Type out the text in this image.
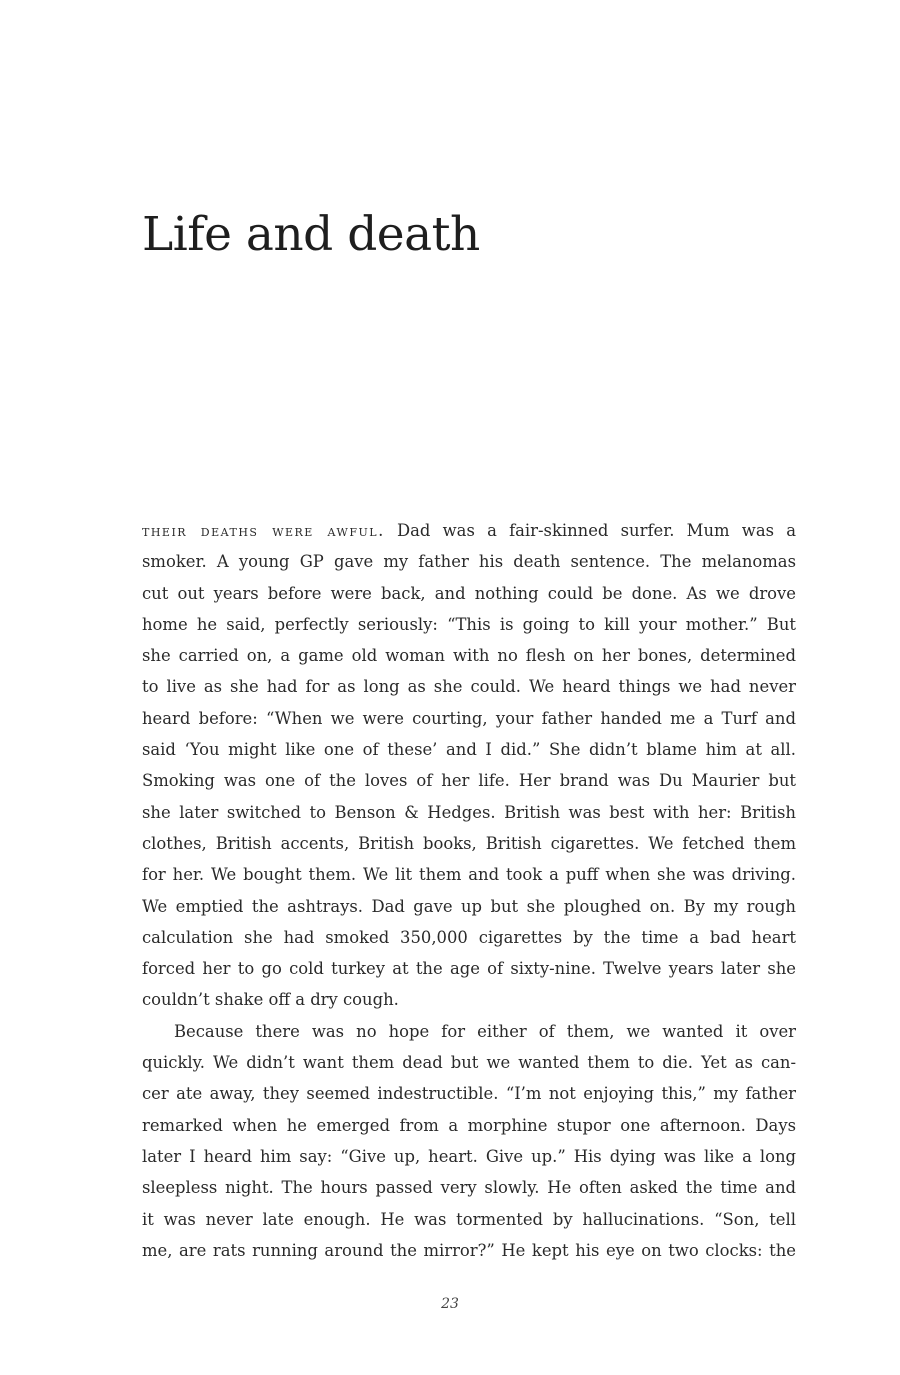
Life and death
their deaths were awful. Dad was a fair-skinned surfer. Mum was a
smoker. A young GP gave my father his death sentence. The melanomas
cut out years before were back, and nothing could be done. As we drove
home he said, perfectly seriously: “This is going to kill your mother.” But
she carried on, a game old woman with no flesh on her bones, determined
to live as she had for as long as she could. We heard things we had never
heard before: “When we were courting, your father handed me a Turf and
said ‘You might like one of these’ and I did.” She didn’t blame him at all.
Smoking was one of the loves of her life. Her brand was Du Maurier but
she later switched to Benson & Hedges. British was best with her: British
clothes, British accents, British books, British cigarettes. We fetched them
for her. We bought them. We lit them and took a puff when she was driving.
We emptied the ashtrays. Dad gave up but she ploughed on. By my rough
calculation she had smoked 350,000 cigarettes by the time a bad heart
forced her to go cold turkey at the age of sixty-nine. Twelve years later she
couldn’t shake off a dry cough.
Because there was no hope for either of them, we wanted it over
quickly. We didn’t want them dead but we wanted them to die. Yet as can-
cer ate away, they seemed indestructible. “I’m not enjoying this,” my father
remarked when he emerged from a morphine stupor one afternoon. Days
later I heard him say: “Give up, heart. Give up.” His dying was like a long
sleepless night. The hours passed very slowly. He often asked the time and
it was never late enough. He was tormented by hallucinations. “Son, tell
me, are rats running around the mirror?” He kept his eye on two clocks: the
23
